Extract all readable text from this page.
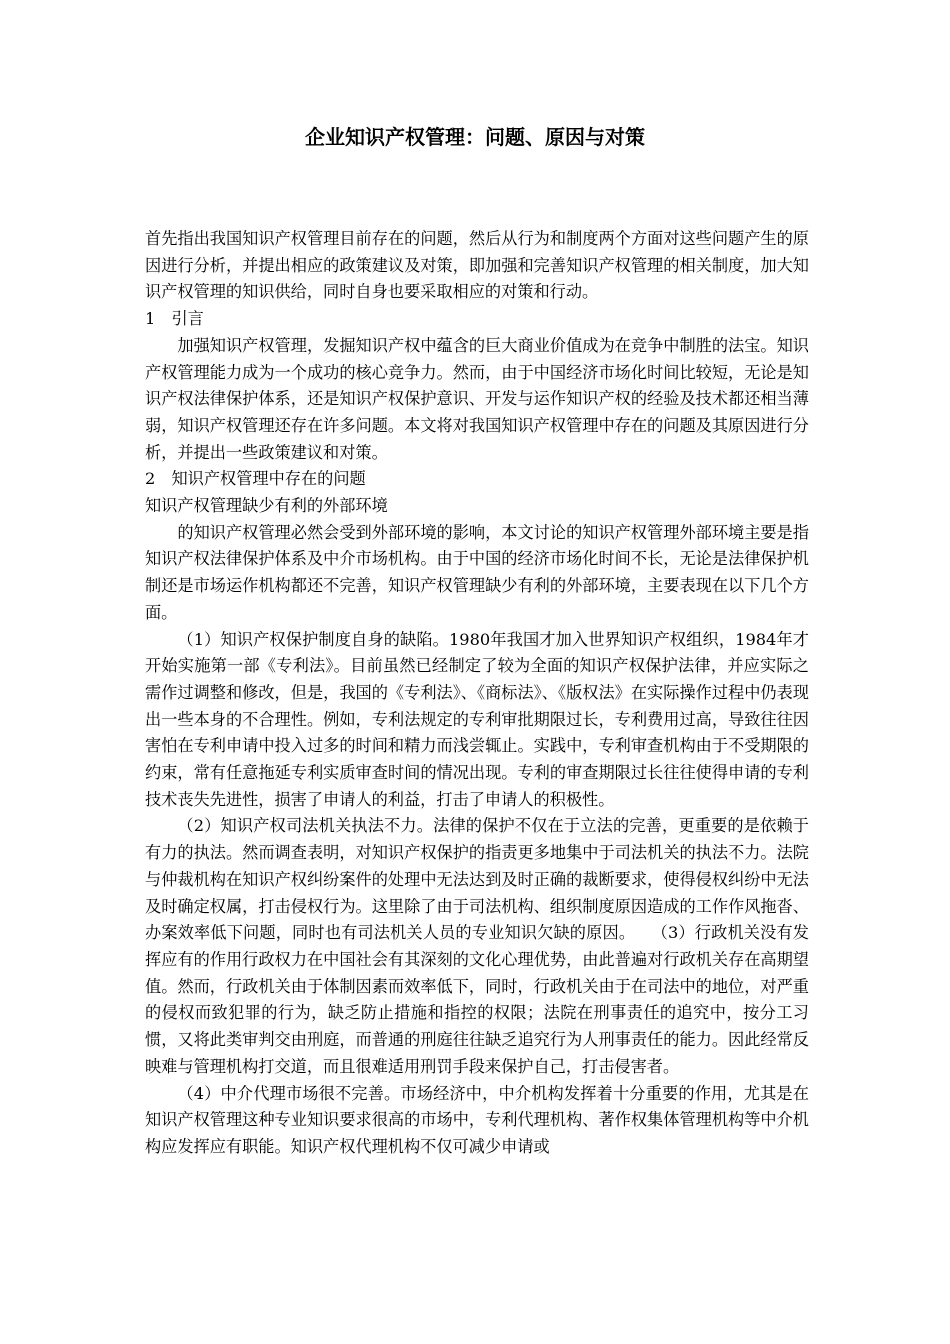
企业知识产权管理：问题、原因与对策

首先指出我国知识产权管理目前存在的问题，然后从行为和制度两个方面对这些问题产生的原因进行分析，并提出相应的政策建议及对策，即加强和完善知识产权管理的相关制度，加大知识产权管理的知识供给，同时自身也要采取相应的对策和行动。

1　引言

加强知识产权管理，发掘知识产权中蕴含的巨大商业价值成为在竞争中制胜的法宝。知识产权管理能力成为一个成功的核心竞争力。然而，由于中国经济市场化时间比较短，无论是知识产权法律保护体系，还是知识产权保护意识、开发与运作知识产权的经验及技术都还相当薄弱，知识产权管理还存在许多问题。本文将对我国知识产权管理中存在的问题及其原因进行分析，并提出一些政策建议和对策。

2　知识产权管理中存在的问题

知识产权管理缺少有利的外部环境

的知识产权管理必然会受到外部环境的影响，本文讨论的知识产权管理外部环境主要是指知识产权法律保护体系及中介市场机构。由于中国的经济市场化时间不长，无论是法律保护机制还是市场运作机构都还不完善，知识产权管理缺少有利的外部环境，主要表现在以下几个方面。

（1）知识产权保护制度自身的缺陷。1980年我国才加入世界知识产权组织，1984年才开始实施第一部《专利法》。目前虽然已经制定了较为全面的知识产权保护法律，并应实际之需作过调整和修改，但是，我国的《专利法》、《商标法》、《版权法》在实际操作过程中仍表现出一些本身的不合理性。例如，专利法规定的专利审批期限过长，专利费用过高，导致往往因害怕在专利申请中投入过多的时间和精力而浅尝辄止。实践中，专利审查机构由于不受期限的约束，常有任意拖延专利实质审查时间的情况出现。专利的审查期限过长往往使得申请的专利技术丧失先进性，损害了申请人的利益，打击了申请人的积极性。

（2）知识产权司法机关执法不力。法律的保护不仅在于立法的完善，更重要的是依赖于有力的执法。然而调查表明，对知识产权保护的指责更多地集中于司法机关的执法不力。法院与仲裁机构在知识产权纠纷案件的处理中无法达到及时正确的裁断要求，使得侵权纠纷中无法及时确定权属，打击侵权行为。这里除了由于司法机构、组织制度原因造成的工作作风拖沓、办案效率低下问题，同时也有司法机关人员的专业知识欠缺的原因。　　（3）行政机关没有发挥应有的作用行政权力在中国社会有其深刻的文化心理优势，由此普遍对行政机关存在高期望值。然而，行政机关由于体制因素而效率低下，同时，行政机关由于在司法中的地位，对严重的侵权而致犯罪的行为，缺乏防止措施和指控的权限；法院在刑事责任的追究中，按分工习惯，又将此类审判交由刑庭，而普通的刑庭往往缺乏追究行为人刑事责任的能力。因此经常反映难与管理机构打交道，而且很难适用刑罚手段来保护自己，打击侵害者。

（4）中介代理市场很不完善。市场经济中，中介机构发挥着十分重要的作用，尤其是在知识产权管理这种专业知识要求很高的市场中，专利代理机构、著作权集体管理机构等中介机构应发挥应有职能。知识产权代理机构不仅可减少申请或
